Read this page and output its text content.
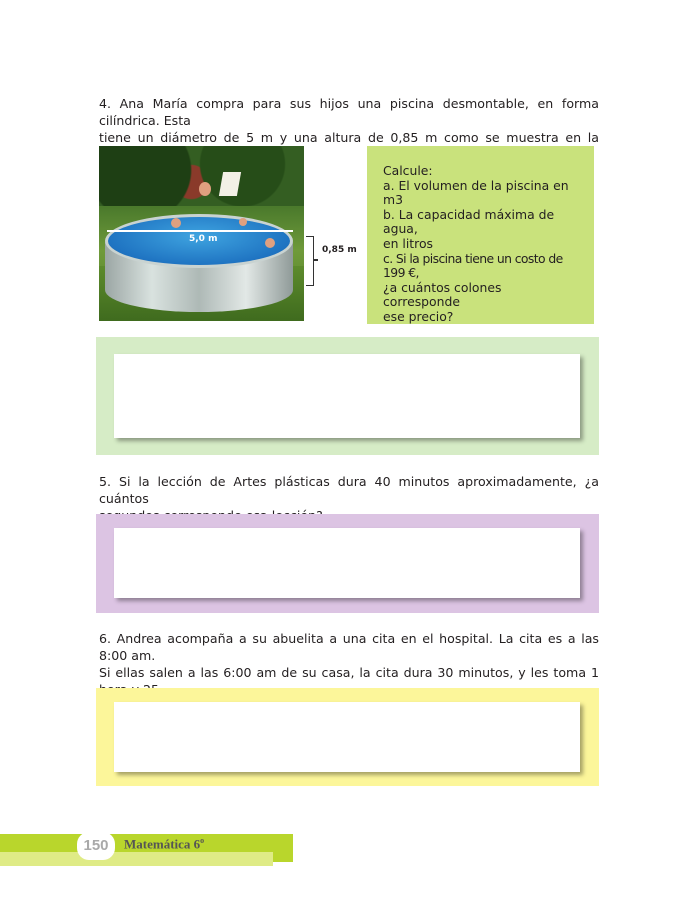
4. Ana María compra para sus hijos una piscina desmontable, en forma cilíndrica. Esta
tiene un diámetro de 5 m y una altura de 0,85 m como se muestra en la
5,0 m
0,85 m
Calcule:
a. El volumen de la piscina en m3
b. La capacidad máxima de agua,
en litros
c. Si la piscina tiene un costo de 199 €,
¿a cuántos colones corresponde
ese precio?
5. Si la lección de Artes plásticas dura 40 minutos aproximadamente, ¿a cuántos
6. Andrea acompaña a su abuelita a una cita en el hospital. La cita es a las 8:00 am.
Si ellas salen a las 6:00 am de su casa, la cita dura 30 minutos, y les toma 1
150	Matemática 6$^o$
